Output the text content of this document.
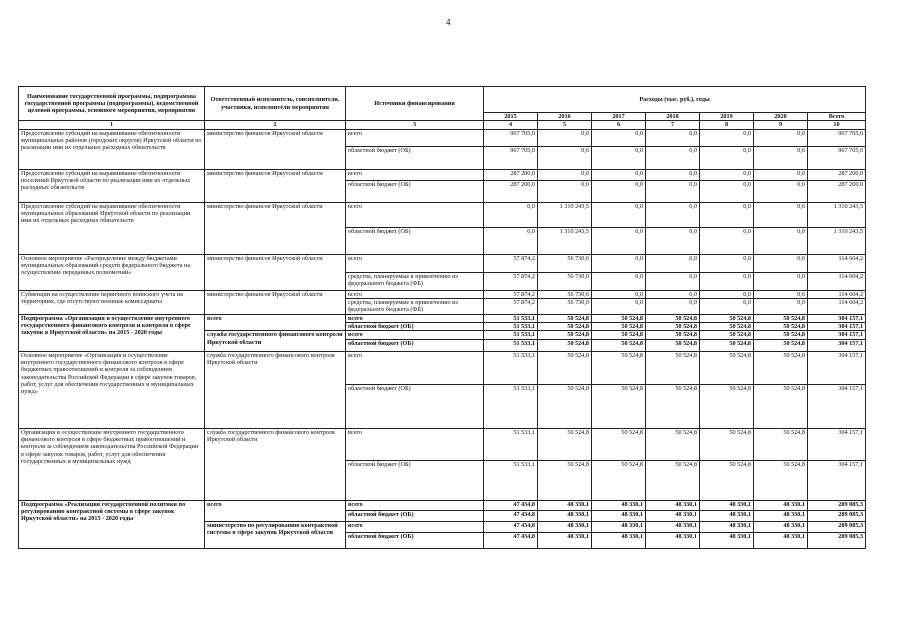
4
Наименование государственной программы, подпрограммы государственной программы (подпрограммы), ведомственной целевой программы, основного мероприятия, мероприятия	Ответственный исполнитель, соисполнители, участники, исполнители мероприятия	Источники финансирования	Расходы (тыс. руб.), годы						
			2015	2016	2017	2018	2019	2020	Всего
1	2	3	4	5	6	7	8	9	10
Предоставление субсидий на выравнивание обеспеченности муниципальных районов (городских округов) Иркутской области по реализации ими их отдельных расходных обязательств	министерство финансов Иркутской области	всего	967 705,0	0,0	0,0	0,0	0,0	0,0	967 705,0
		областной бюджет (ОБ)	967 705,0	0,0	0,0	0,0	0,0	0,0	967 705,0
Предоставление субсидий на выравнивание обеспеченности поселений Иркутской области по реализации ими их отдельных расходных обязательств	министерство финансов Иркутской области	всего	287 200,0	0,0	0,0	0,0	0,0	0,0	287 200,0
		областной бюджет (ОБ)	287 200,0	0,0	0,0	0,0	0,0	0,0	287 200,0
Предоставление субсидий на выравнивание обеспеченности муниципальных образований Иркутской области по реализации ими их отдельных расходных обязательств	министерство финансов Иркутской области	всего	0,0	1 310 243,5	0,0	0,0	0,0	0,0	1 310 243,5
		областной бюджет (ОБ)	0,0	1 310 243,5	0,0	0,0	0,0	0,0	1 310 243,5
Основное мероприятие «Распределение между бюджетами муниципальных образований средств федерального бюджета на осуществление переданных полномочий»	министерство финансов Иркутской области	всего	57 874,2	56 730,0	0,0	0,0	0,0	0,0	114 604,2
		средства, планируемые к привлечению из федерального бюджета (ФБ)	57 874,2	56 730,0	0,0	0,0	0,0	0,0	114 604,2
Субвенции на осуществление первичного воинского учета на территориях, где отсутствуют военные комиссариаты	министерство финансов Иркутской области	всего	57 874,2	56 730,0	0,0	0,0	0,0	0,0	114 604,2
		средства, планируемые к привлечению из федерального бюджета (ФБ)	57 874,2	56 730,0	0,0	0,0	0,0	0,0	114 604,2
Подпрограмма «Организация и осуществление внутреннего государственного финансового контроля и контроля в сфере закупок в Иркутской области» на 2015 - 2020 годы	всего	всего	51 533,1	50 524,8	50 524,8	50 524,8	50 524,8	50 524,8	304 157,1
		областной бюджет (ОБ)	51 533,1	50 524,8	50 524,8	50 524,8	50 524,8	50 524,8	304 157,1
	служба государственного финансового контроля Иркутской области	всего	51 533,1	50 524,8	50 524,8	50 524,8	50 524,8	50 524,8	304 157,1
		областной бюджет (ОБ)	51 533,1	50 524,8	50 524,8	50 524,8	50 524,8	50 524,8	304 157,1
Основное мероприятие «Организация и осуществление внутреннего государственного финансового контроля в сфере бюджетных правоотношений и контроля за соблюдением законодательства Российской Федерации в сфере закупок товаров, работ, услуг для обеспечения государственных и муниципальных нужд»	служба государственного финансового контроля Иркутской области	всего	51 533,1	50 524,8	50 524,8	50 524,8	50 524,8	50 524,8	304 157,1
		областной бюджет (ОБ)	51 533,1	50 524,8	50 524,8	50 524,8	50 524,8	50 524,8	304 157,1
Организация и осуществление внутреннего государственного финансового контроля в сфере бюджетных правоотношений и контроля за соблюдением законодательства Российской Федерации в сфере закупок товаров, работ, услуг для обеспечения государственных и муниципальных нужд	служба государственного финансового контроля Иркутской области	всего	51 533,1	50 524,8	50 524,8	50 524,8	50 524,8	50 524,8	304 157,1
		областной бюджет (ОБ)	51 533,1	50 524,8	50 524,8	50 524,8	50 524,8	50 524,8	304 157,1
Подпрограмма «Реализация государственной политики по регулированию контрактной системы в сфере закупок Иркутской области» на 2015 - 2020 годы	всего	всего	47 434,8	48 330,1	48 330,1	48 330,1	48 330,1	48 330,1	289 085,3
		областной бюджет (ОБ)	47 434,8	48 330,1	48 330,1	48 330,1	48 330,1	48 330,1	289 085,3
	министерство по регулированию контрактной системы в сфере закупок Иркутской области	всего	47 434,8	48 330,1	48 330,1	48 330,1	48 330,1	48 330,1	289 085,3
		областной бюджет (ОБ)	47 434,8	48 330,1	48 330,1	48 330,1	48 330,1	48 330,1	289 085,3
